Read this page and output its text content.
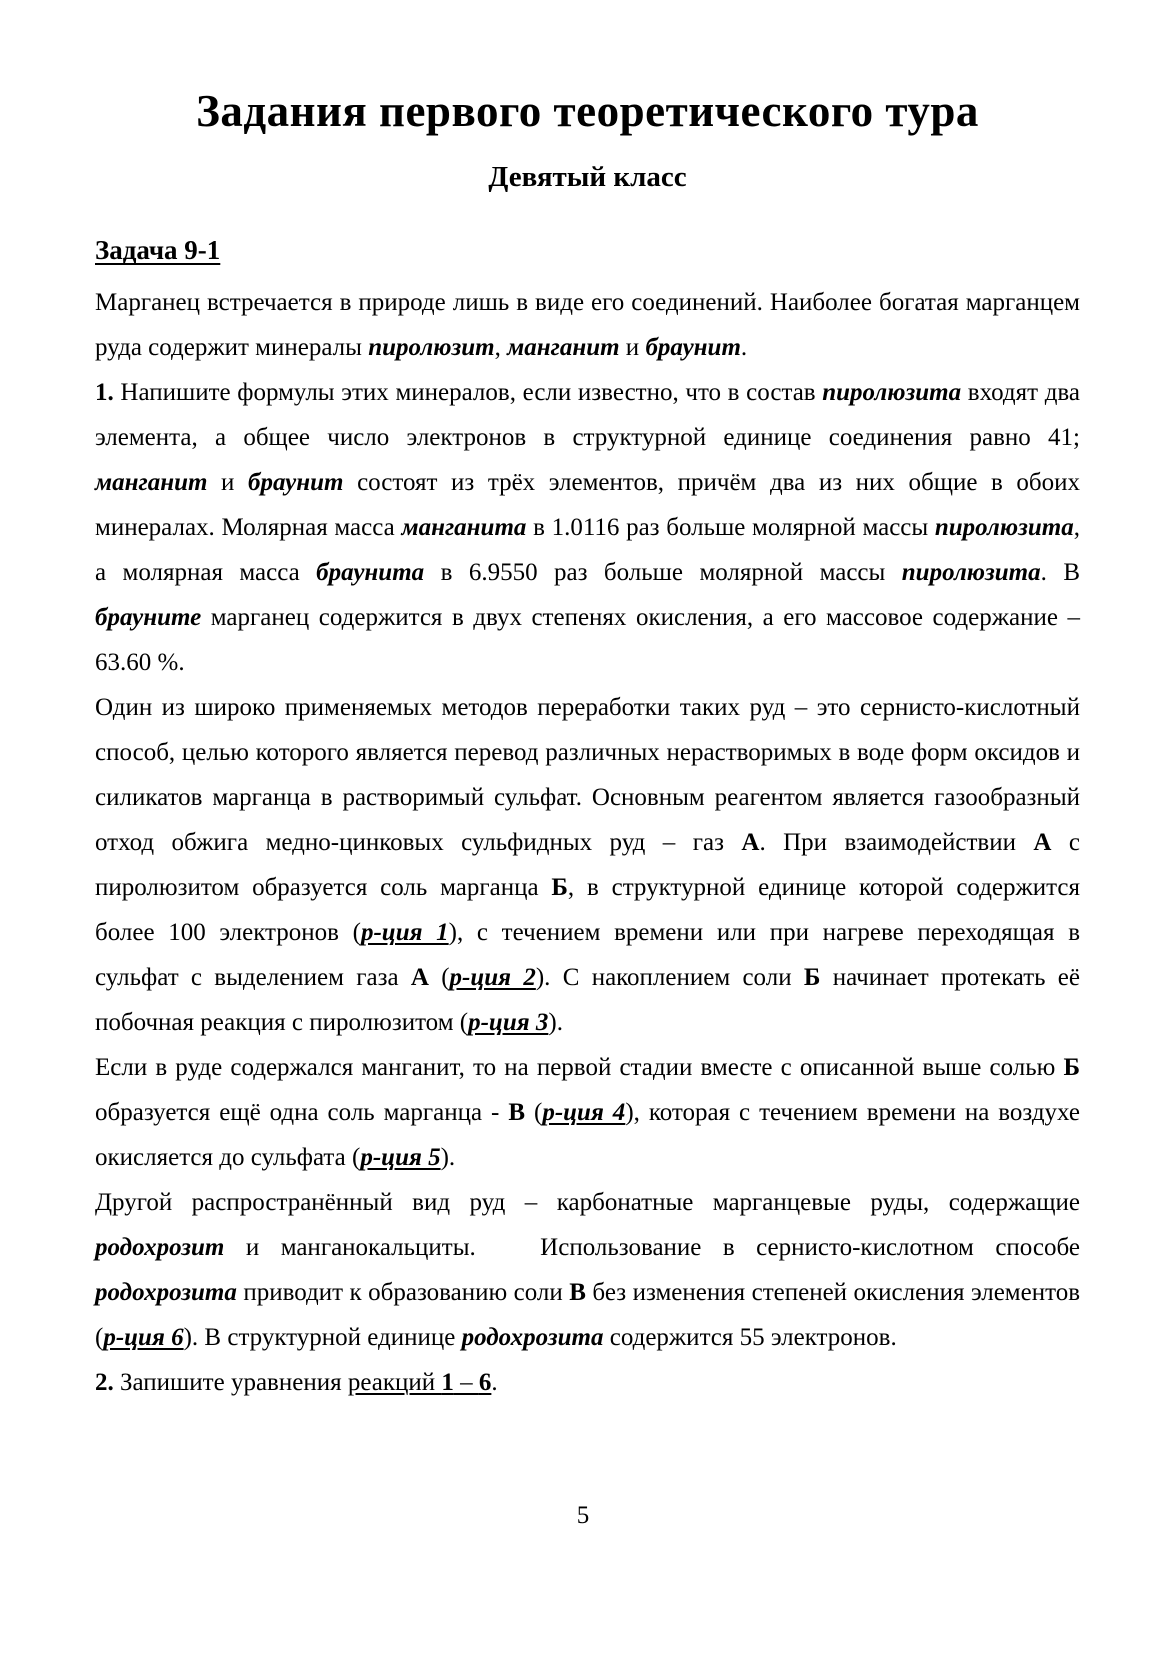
Задания первого теоретического тура
Девятый класс
Задача 9-1

Марганец встречается в природе лишь в виде его соединений. Наиболее богатая марганцем руда содержит минералы пиролюзит, манганит и браунит.

1. Напишите формулы этих минералов, если известно, что в состав пиролюзита входят два элемента, а общее число электронов в структурной единице соединения равно 41; манганит и браунит состоят из трёх элементов, причём два из них общие в обоих минералах. Молярная масса манганита в 1.0116 раз больше молярной массы пиролюзита, а молярная масса браунита в 6.9550 раз больше молярной массы пиролюзита. В брауните марганец содержится в двух степенях окисления, а его массовое содержание – 63.60 %.

Один из широко применяемых методов переработки таких руд – это сернисто-кислотный способ, целью которого является перевод различных нерастворимых в воде форм оксидов и силикатов марганца в растворимый сульфат. Основным реагентом является газообразный отход обжига медно-цинковых сульфидных руд – газ А. При взаимодействии А с пиролюзитом образуется соль марганца Б, в структурной единице которой содержится более 100 электронов (р-ция 1), с течением времени или при нагреве переходящая в сульфат с выделением газа А (р-ция 2). С накоплением соли Б начинает протекать её побочная реакция с пиролюзитом (р-ция 3).

Если в руде содержался манганит, то на первой стадии вместе с описанной выше солью Б образуется ещё одна соль марганца - В (р-ция 4), которая с течением времени на воздухе окисляется до сульфата (р-ция 5).

Другой распространённый вид руд – карбонатные марганцевые руды, содержащие родохрозит и манганокальциты.   Использование в сернисто-кислотном способе родохрозита приводит к образованию соли В без изменения степеней окисления элементов (р-ция 6). В структурной единице родохрозита содержится 55 электронов.

2. Запишите уравнения реакций 1 – 6.

5
